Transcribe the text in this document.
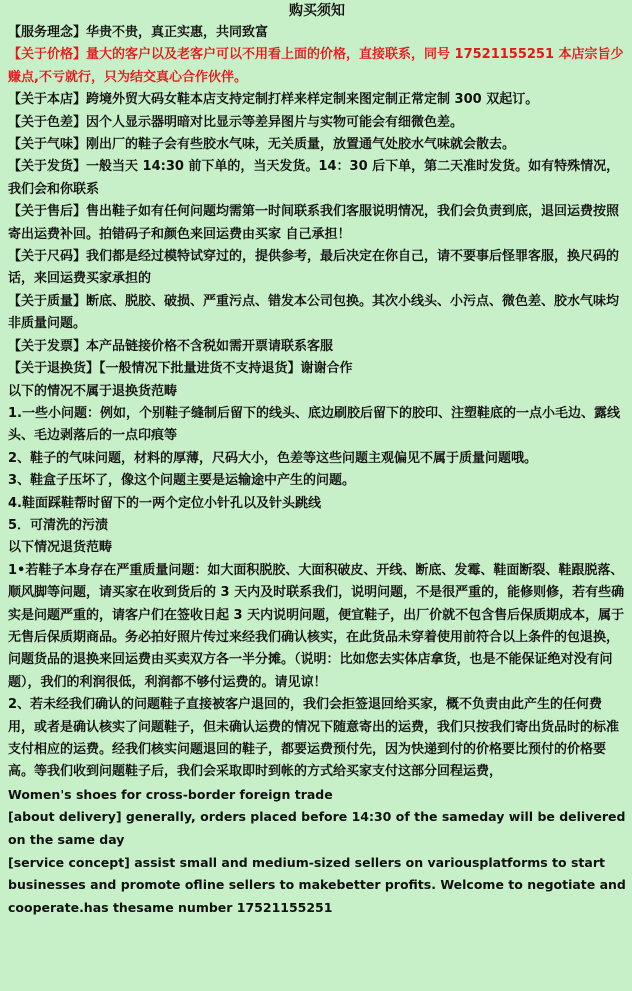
购买须知

【服务理念】华贵不贵，真正实惠，共同致富

【关于价格】量大的客户以及老客户可以不用看上面的价格，直接联系，同号 17521155251 本店宗旨少赚点,不亏就行，只为结交真心合作伙伴。

【关于本店】跨境外贸大码女鞋本店支持定制打样来样定制来图定制正常定制 300 双起订。

【关于色差】因个人显示器明暗对比显示等差异图片与实物可能会有细微色差。

【关于气味】刚出厂的鞋子会有些胶水气味，无关质量，放置通气处胶水气味就会散去。

【关于发货】一般当天 14:30 前下单的，当天发货。14：30 后下单，第二天准时发货。如有特殊情况，我们会和你联系

【关于售后】售出鞋子如有任何问题均需第一时间联系我们客服说明情况，我们会负责到底，退回运费按照寄出运费补回。拍错码子和颜色来回运费由买家 自己承担！

【关于尺码】我们都是经过模特试穿过的，提供参考，最后决定在你自己，请不要事后怪罪客服，换尺码的话，来回运费买家承担的

【关于质量】断底、脱胶、破损、严重污点、错发本公司包换。其次小线头、小污点、微色差、胶水气味均非质量问题。

【关于发票】本产品链接价格不含税如需开票请联系客服

【关于退换货】【一般情况下批量进货不支持退货】谢谢合作

以下的情况不属于退换货范畴

1.一些小问题：例如，个别鞋子缝制后留下的线头、底边刷胶后留下的胶印、注塑鞋底的一点小毛边、露线头、毛边剥落后的一点印痕等

2、鞋子的气味问题，材料的厚薄，尺码大小，色差等这些问题主观偏见不属于质量问题哦。

3、鞋盒子压坏了，像这个问题主要是运输途中产生的问题。

4.鞋面踩鞋帮时留下的一两个定位小针孔以及针头跳线

5．可清洗的污渍

以下情况退货范畴

1•若鞋子本身存在严重质量问题：如大面积脱胶、大面积破皮、开线、断底、发霉、鞋面断裂、鞋跟脱落、顺风脚等问题，请买家在收到货后的 3 天内及时联系我们，说明问题，不是很严重的，能修则修，若有些确实是问题严重的，请客户们在签收日起 3 天内说明问题，便宜鞋子，出厂价就不包含售后保质期成本，属于无售后保质期商品。务必拍好照片传过来经我们确认核实，在此货品未穿着使用前符合以上条件的包退换，问题货品的退换来回运费由买卖双方各一半分摊。（说明：比如您去实体店拿货，也是不能保证绝对没有问题），我们的利润很低，利润都不够付运费的。请见谅！

2、若未经我们确认的问题鞋子直接被客户退回的，我们会拒签退回给买家，概不负责由此产生的任何费用，或者是确认核实了问题鞋子，但未确认运费的情况下随意寄出的运费，我们只按我们寄出货品时的标准支付相应的运费。经我们核实问题退回的鞋子，都要运费预付先，因为快递到付的价格要比预付的价格要高。等我们收到问题鞋子后，我们会采取即时到帐的方式给买家支付这部分回程运费，

Women's shoes for cross-border foreign trade

[about delivery] generally, orders placed before 14:30 of the sameday will be delivered on the same day

[service concept] assist small and medium-sized sellers on variousplatforms to start businesses and promote ofline sellers to makebetter profits. Welcome to negotiate and cooperate.has thesame number 17521155251
